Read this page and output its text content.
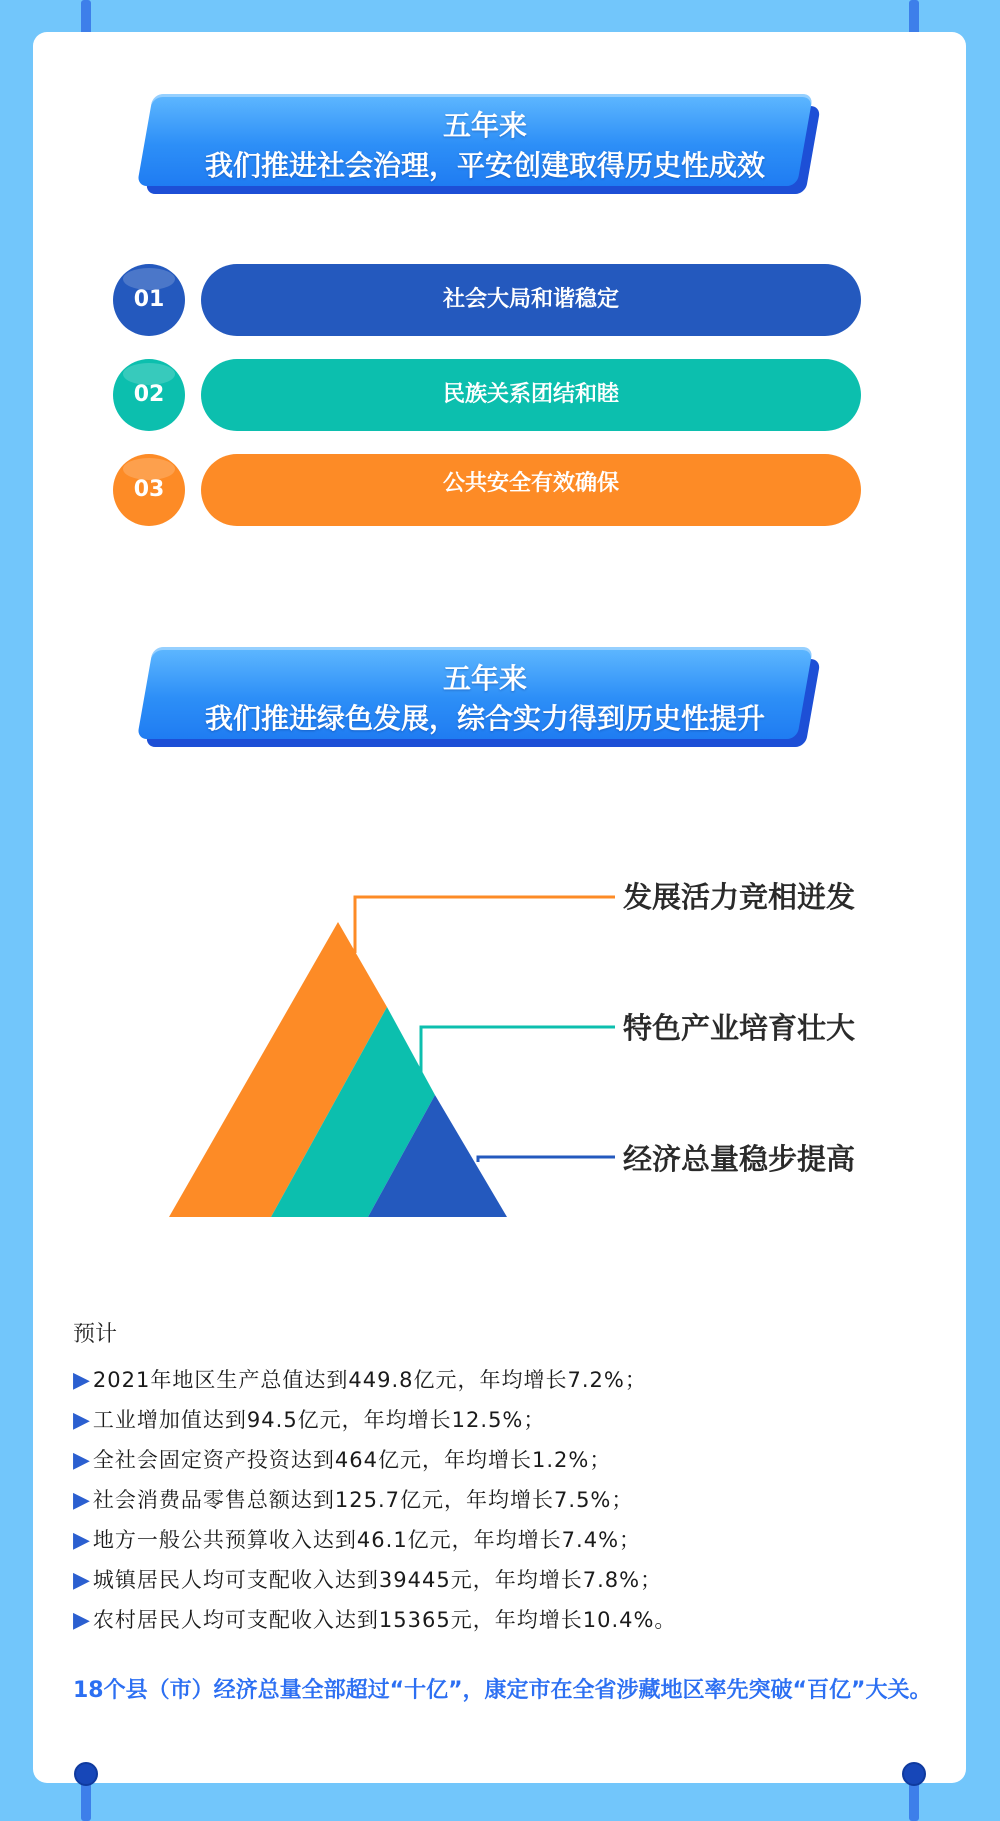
五年来
我们推进社会治理，平安创建取得历史性成效
01	社会大局和谐稳定
02	民族关系团结和睦
03	公共安全有效确保
五年来
我们推进绿色发展，综合实力得到历史性提升
发展活力竞相迸发
特色产业培育壮大
经济总量稳步提高
预计
▶2021年地区生产总值达到449.8亿元，年均增长7.2%；
▶工业增加值达到94.5亿元，年均增长12.5%；
▶全社会固定资产投资达到464亿元，年均增长1.2%；
▶社会消费品零售总额达到125.7亿元，年均增长7.5%；
▶地方一般公共预算收入达到46.1亿元，年均增长7.4%；
▶城镇居民人均可支配收入达到39445元，年均增长7.8%；
▶农村居民人均可支配收入达到15365元，年均增长10.4%。
18个县（市）经济总量全部超过“十亿”，康定市在全省涉藏地区率先突破“百亿”大关。
